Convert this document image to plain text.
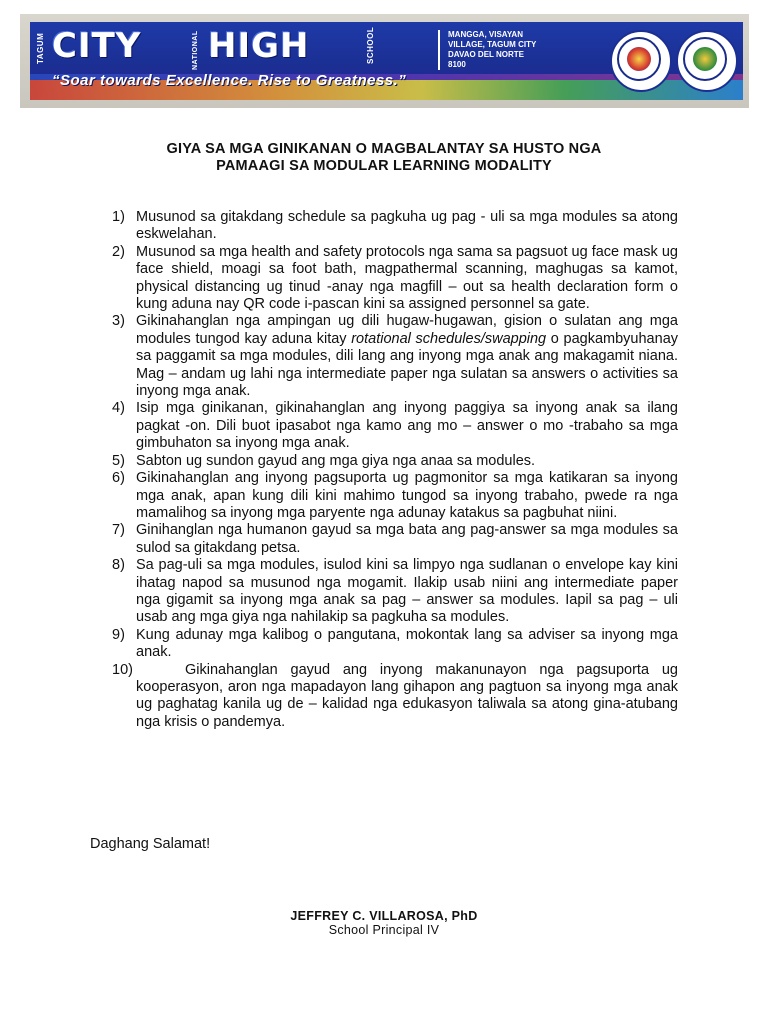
TAGUM CITY	NATIONAL HIGH	SCHOOL	MANGGA, VISAYAN
VILLAGE, TAGUM CITY
DAVAO DEL NORTE
8100
“Soar towards Excellence. Rise to Greatness.”
GIYA SA MGA GINIKANAN O MAGBALANTAY SA HUSTO NGA
PAMAAGI SA MODULAR LEARNING MODALITY
1) Musunod sa gitakdang schedule sa pagkuha ug pag - uli sa mga modules sa atong eskwelahan.
2) Musunod sa mga health and safety protocols nga sama sa pagsuot ug face mask ug face shield, moagi sa foot bath, magpathermal scanning, maghugas sa kamot, physical distancing ug tinud -anay nga magfill – out sa health declaration form o kung aduna nay QR code i-pascan kini sa assigned personnel sa gate.
3) Gikinahanglan nga ampingan ug dili hugaw-hugawan, gision o sulatan ang mga modules tungod kay aduna kitay rotational schedules/swapping o pagkambyuhanay sa paggamit sa mga modules, dili lang ang inyong mga anak ang makagamit niana. Mag – andam ug lahi nga intermediate paper nga sulatan sa answers o activities sa inyong mga anak.
4) Isip mga ginikanan, gikinahanglan ang inyong paggiya sa inyong anak sa ilang pagkat -on. Dili buot ipasabot nga kamo ang mo – answer o mo -trabaho sa mga gimbuhaton sa inyong mga anak.
5) Sabton ug sundon gayud ang mga giya nga anaa sa modules.
6) Gikinahanglan ang inyong pagsuporta ug pagmonitor sa mga katikaran sa inyong mga anak, apan kung dili kini mahimo tungod sa inyong trabaho, pwede ra nga mamalihog sa inyong mga paryente nga adunay katakus sa pagbuhat niini.
7) Ginihanglan nga humanon gayud sa mga bata ang pag-answer sa mga modules sa sulod sa gitakdang petsa.
8) Sa pag-uli sa mga modules, isulod kini sa limpyo nga sudlanan o envelope kay kini ihatag napod sa musunod nga mogamit. Ilakip usab niini ang intermediate paper nga gigamit sa inyong mga anak sa pag – answer sa modules. Iapil sa pag – uli usab ang mga giya nga nahilakip sa pagkuha sa modules.
9) Kung adunay mga kalibog o pangutana, mokontak lang sa adviser sa inyong mga anak.
10)	Gikinahanglan gayud ang inyong makanunayon nga pagsuporta ug kooperasyon, aron nga mapadayon lang gihapon ang pagtuon sa inyong mga anak ug paghatag kanila ug de – kalidad nga edukasyon taliwala sa atong gina-atubang nga krisis o pandemya.
Daghang Salamat!
JEFFREY C. VILLAROSA, PhD
School Principal IV
